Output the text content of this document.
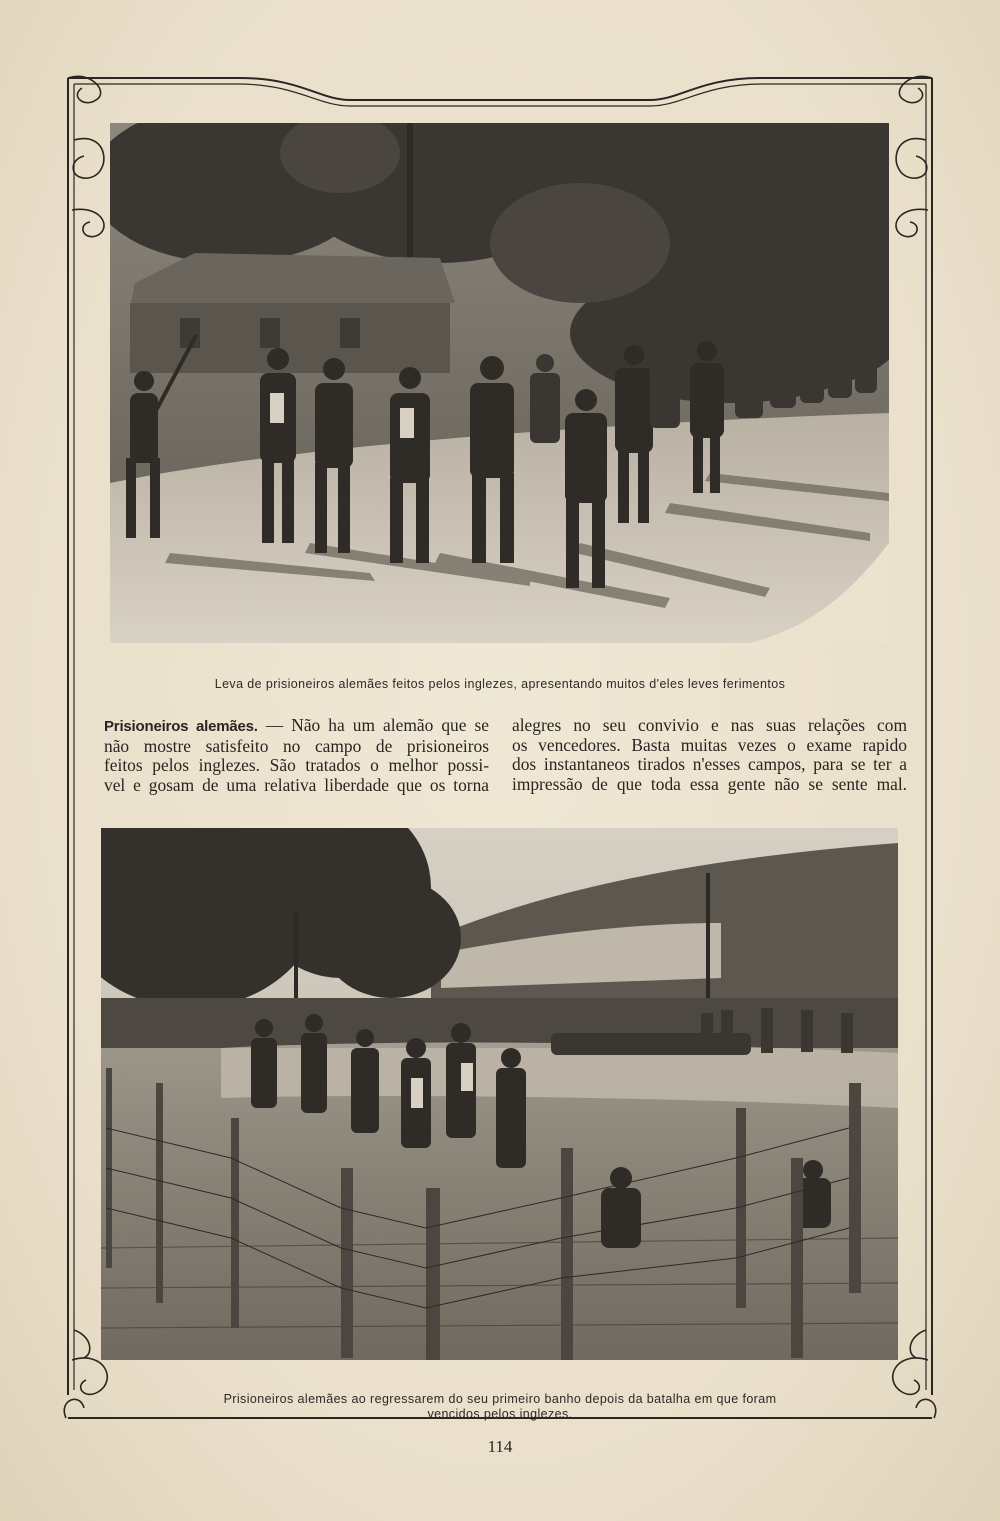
Leva de prisioneiros alemães feitos pelos inglezes, apresentando muitos d'eles leves ferimentos

Prisioneiros alemães. — Não ha um alemão que se

não mostre satisfeito no campo de prisioneiros

feitos pelos inglezes. São tratados o melhor possi-

vel e gosam de uma relativa liberdade que os torna

alegres no seu convivio e nas suas relações com

os vencedores. Basta muitas vezes o exame rapido

dos instantaneos tirados n'esses campos, para se ter a

impressão de que toda essa gente não se sente mal.

Prisioneiros alemães ao regressarem do seu primeiro banho depois da batalha em que foram
vencidos pelos inglezes.
114
